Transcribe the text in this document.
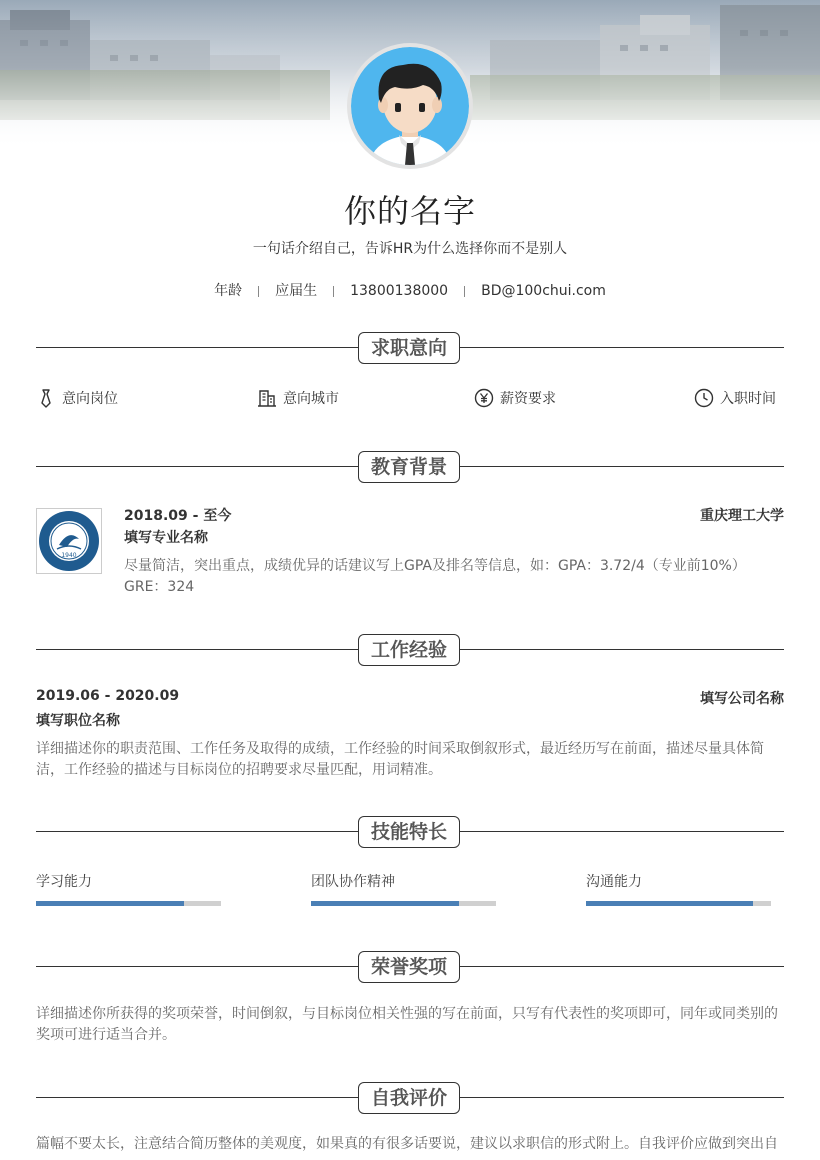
你的名字
一句话介绍自己，告诉HR为什么选择你而不是别人
年龄 应届生 13800138000 BD@100chui.com
求职意向
意向岗位	意向城市	薪资要求	入职时间
教育背景
1940
2018.09 - 至今	重庆理工大学
填写专业名称
尽量简洁，突出重点，成绩优异的话建议写上GPA及排名等信息，如：GPA：3.72/4（专业前10%） GRE：324
工作经验
2019.06 - 2020.09	填写公司名称
填写职位名称
详细描述你的职责范围、工作任务及取得的成绩，工作经验的时间采取倒叙形式，最近经历写在前面，描述尽量具体简洁，工作经验的描述与目标岗位的招聘要求尽量匹配，用词精准。
技能特长
学习能力	团队协作精神	沟通能力
荣誉奖项
详细描述你所获得的奖项荣誉，时间倒叙，与目标岗位相关性强的写在前面，只写有代表性的奖项即可，同年或同类别的奖项可进行适当合并。
自我评价
篇幅不要太长，注意结合简历整体的美观度，如果真的有很多话要说，建议以求职信的形式附上。自我评价应做到突出自
